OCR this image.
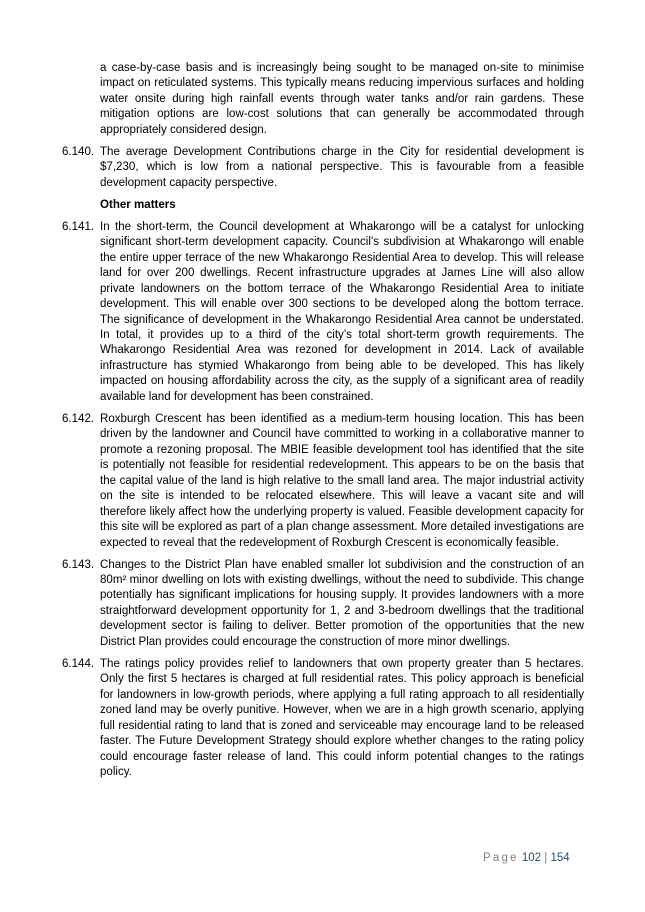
a case-by-case basis and is increasingly being sought to be managed on-site to minimise impact on reticulated systems. This typically means reducing impervious surfaces and holding water onsite during high rainfall events through water tanks and/or rain gardens. These mitigation options are low-cost solutions that can generally be accommodated through appropriately considered design.

6.140. The average Development Contributions charge in the City for residential development is $7,230, which is low from a national perspective. This is favourable from a feasible development capacity perspective.

Other matters

6.141. In the short-term, the Council development at Whakarongo will be a catalyst for unlocking significant short-term development capacity. Council’s subdivision at Whakarongo will enable the entire upper terrace of the new Whakarongo Residential Area to develop. This will release land for over 200 dwellings. Recent infrastructure upgrades at James Line will also allow private landowners on the bottom terrace of the Whakarongo Residential Area to initiate development. This will enable over 300 sections to be developed along the bottom terrace. The significance of development in the Whakarongo Residential Area cannot be understated. In total, it provides up to a third of the city’s total short-term growth requirements. The Whakarongo Residential Area was rezoned for development in 2014. Lack of available infrastructure has stymied Whakarongo from being able to be developed. This has likely impacted on housing affordability across the city, as the supply of a significant area of readily available land for development has been constrained.

6.142. Roxburgh Crescent has been identified as a medium-term housing location. This has been driven by the landowner and Council have committed to working in a collaborative manner to promote a rezoning proposal. The MBIE feasible development tool has identified that the site is potentially not feasible for residential redevelopment. This appears to be on the basis that the capital value of the land is high relative to the small land area. The major industrial activity on the site is intended to be relocated elsewhere. This will leave a vacant site and will therefore likely affect how the underlying property is valued. Feasible development capacity for this site will be explored as part of a plan change assessment. More detailed investigations are expected to reveal that the redevelopment of Roxburgh Crescent is economically feasible.

6.143. Changes to the District Plan have enabled smaller lot subdivision and the construction of an 80m² minor dwelling on lots with existing dwellings, without the need to subdivide. This change potentially has significant implications for housing supply. It provides landowners with a more straightforward development opportunity for 1, 2 and 3-bedroom dwellings that the traditional development sector is failing to deliver. Better promotion of the opportunities that the new District Plan provides could encourage the construction of more minor dwellings.

6.144. The ratings policy provides relief to landowners that own property greater than 5 hectares. Only the first 5 hectares is charged at full residential rates. This policy approach is beneficial for landowners in low-growth periods, where applying a full rating approach to all residentially zoned land may be overly punitive. However, when we are in a high growth scenario, applying full residential rating to land that is zoned and serviceable may encourage land to be released faster. The Future Development Strategy should explore whether changes to the rating policy could encourage faster release of land. This could inform potential changes to the ratings policy.

Page 102 | 154
